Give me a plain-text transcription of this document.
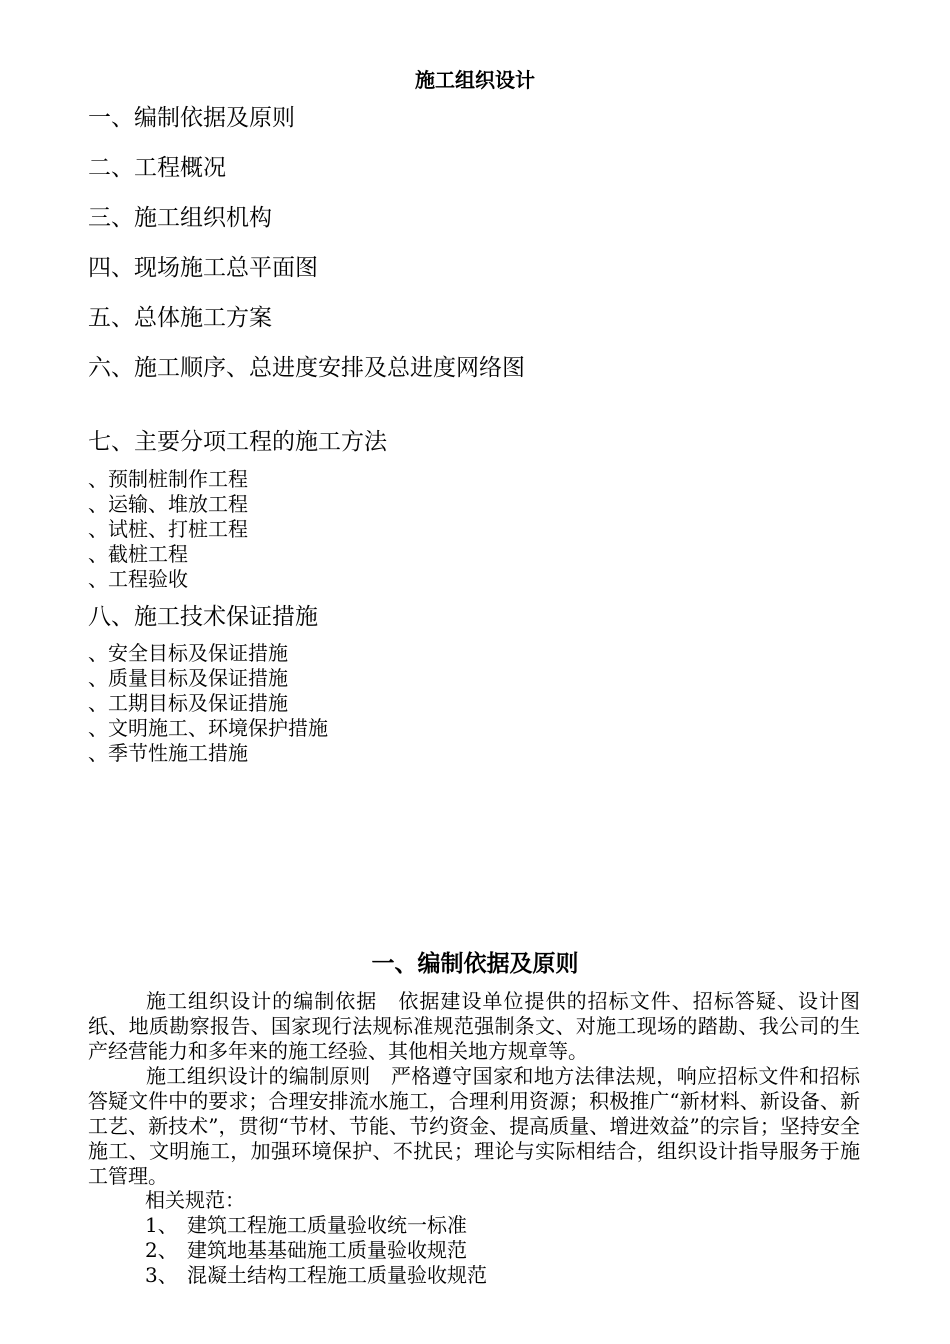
施工组织设计
一、编制依据及原则
二、工程概况
三、施工组织机构
四、现场施工总平面图
五、总体施工方案
六、施工顺序、总进度安排及总进度网络图
七、主要分项工程的施工方法
、预制桩制作工程
、运输、堆放工程
、试桩、打桩工程
、截桩工程
、工程验收
八、施工技术保证措施
、安全目标及保证措施
、质量目标及保证措施
、工期目标及保证措施
、文明施工、环境保护措施
、季节性施工措施
一、编制依据及原则

施工组织设计的编制依据 依据建设单位提供的招标文件、招标答疑、设计图纸、地质勘察报告、国家现行法规标准规范强制条文、对施工现场的踏勘、我公司的生产经营能力和多年来的施工经验、其他相关地方规章等。

施工组织设计的编制原则 严格遵守国家和地方法律法规，响应招标文件和招标答疑文件中的要求；合理安排流水施工，合理利用资源；积极推广“新材料、新设备、新工艺、新技术”，贯彻“节材、节能、节约资金、提高质量、增进效益”的宗旨；坚持安全施工、文明施工，加强环境保护、不扰民；理论与实际相结合，组织设计指导服务于施工管理。

相关规范：
1、 建筑工程施工质量验收统一标准
2、 建筑地基基础施工质量验收规范
3、 混凝土结构工程施工质量验收规范
